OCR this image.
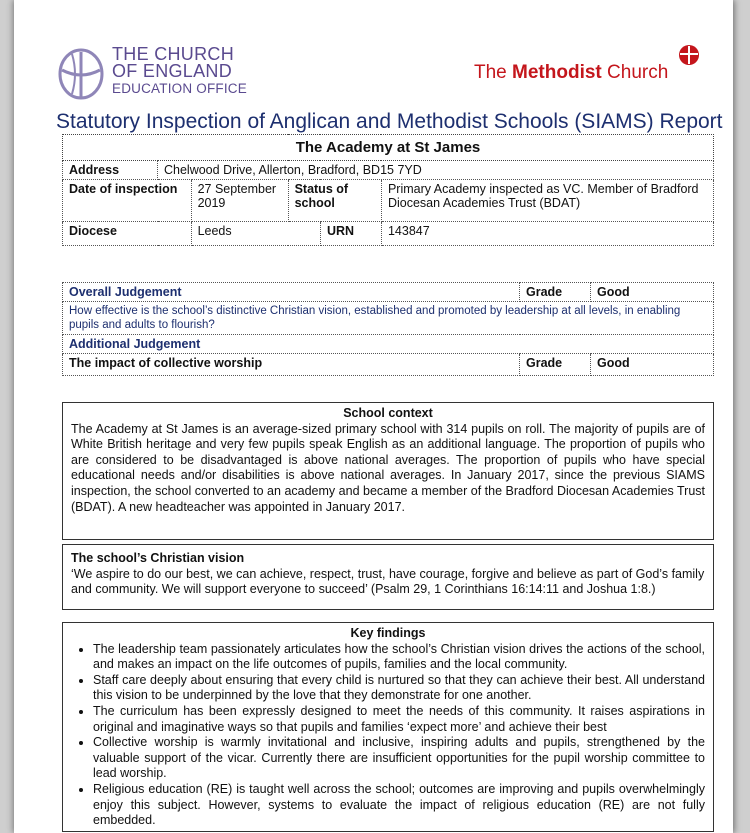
THE CHURCH
OF ENGLAND
EDUCATION OFFICE
The Methodist Church
Statutory Inspection of Anglican and Methodist Schools (SIAMS) Report
The Academy at St James					
Address	Chelwood Drive, Allerton, Bradford, BD15 7YD				
Date of inspection		27 September 2019	Status of school		Primary Academy inspected as VC. Member of Bradford Diocesan Academies Trust (BDAT)
Diocese		Leeds		URN	143847
Overall Judgement	Grade	Good
How effective is the school’s distinctive Christian vision, established and promoted by leadership at all levels, in enabling pupils and adults to flourish?		
Additional Judgement		
The impact of collective worship	Grade	Good
School context
The Academy at St James is an average-sized primary school with 314 pupils on roll. The majority of pupils are of White British heritage and very few pupils speak English as an additional language. The proportion of pupils who are considered to be disadvantaged is above national averages. The proportion of pupils who have special educational needs and/or disabilities is above national averages. In January 2017, since the previous SIAMS inspection, the school converted to an academy and became a member of the Bradford Diocesan Academies Trust (BDAT). A new headteacher was appointed in January 2017.
The school’s Christian vision
‘We aspire to do our best, we can achieve, respect, trust, have courage, forgive and believe as part of God’s family and community. We will support everyone to succeed’ (Psalm 29, 1 Corinthians 16:14:11 and Joshua 1:8.)
Key findings
• The leadership team passionately articulates how the school’s Christian vision drives the actions of the school, and makes an impact on the life outcomes of pupils, families and the local community.
• Staff care deeply about ensuring that every child is nurtured so that they can achieve their best. All understand this vision to be underpinned by the love that they demonstrate for one another.
• The curriculum has been expressly designed to meet the needs of this community. It raises aspirations in original and imaginative ways so that pupils and families ‘expect more’ and achieve their best
• Collective worship is warmly invitational and inclusive, inspiring adults and pupils, strengthened by the valuable support of the vicar. Currently there are insufficient opportunities for the pupil worship committee to lead worship.
• Religious education (RE) is taught well across the school; outcomes are improving and pupils overwhelmingly enjoy this subject. However, systems to evaluate the impact of religious education (RE) are not fully embedded.
